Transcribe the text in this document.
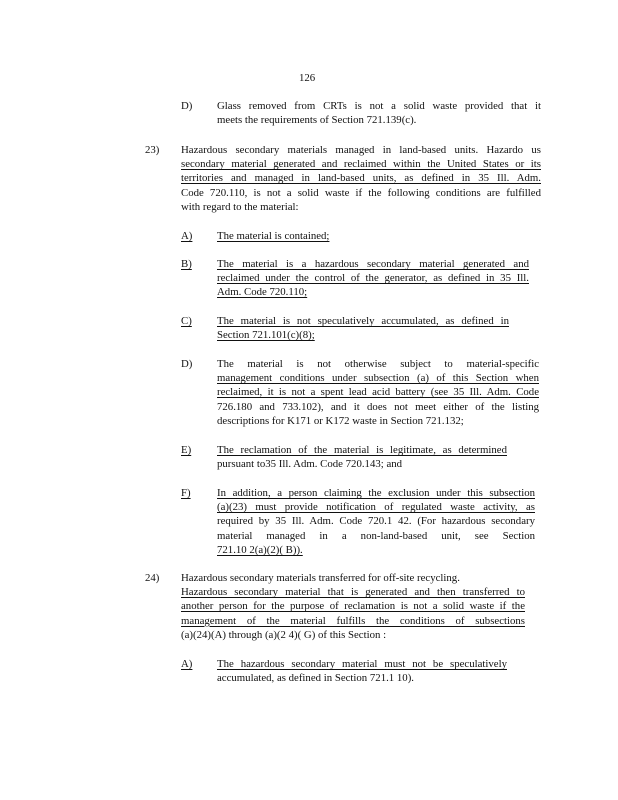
126
D) Glass removed from CRTs is not a solid waste provided that it
meets the requirements of Section 721.139(c).
23) Hazardous secondary materials managed in land-based units. Hazardo us
secondary material generated and reclaimed within the United States or its
territories and managed in land-based units, as defined in 35 Ill. Adm.
Code 720.110, is not a solid waste if the following conditions are fulfilled
with regard to the material:
A) The material is contained;
B) The material is a hazardous secondary material generated and
reclaimed under the control of the generator, as defined in 35 Ill.
Adm. Code 720.110;
C) The material is not speculatively accumulated, as defined in
Section 721.101(c)(8);
D) The material is not otherwise subject to material-specific
management conditions under subsection (a) of this Section when
reclaimed, it is not a spent lead acid battery (see 35 Ill. Adm. Code
726.180 and 733.102), and it does not meet either of the listing
descriptions for K171 or K172 waste in Section 721.132;
E) The reclamation of the material is legitimate, as determined
pursuant to35 Ill. Adm. Code 720.143; and
F) In addition, a person claiming the exclusion under this subsection
(a)(23) must provide notification of regulated waste activity, as
required by 35 Ill. Adm. Code 720.1 42. (For hazardous secondary
material managed in a non-land-based unit, see Section
721.10 2(a)(2)( B)).
24) Hazardous secondary materials transferred for off-site recycling.
Hazardous secondary material that is generated and then transferred to
another person for the purpose of reclamation is not a solid waste if the
management of the material fulfills the conditions of subsections
(a)(24)(A) through (a)(2 4)( G) of this Section :
A) The hazardous secondary material must not be speculatively
accumulated, as defined in Section 721.1 10).
